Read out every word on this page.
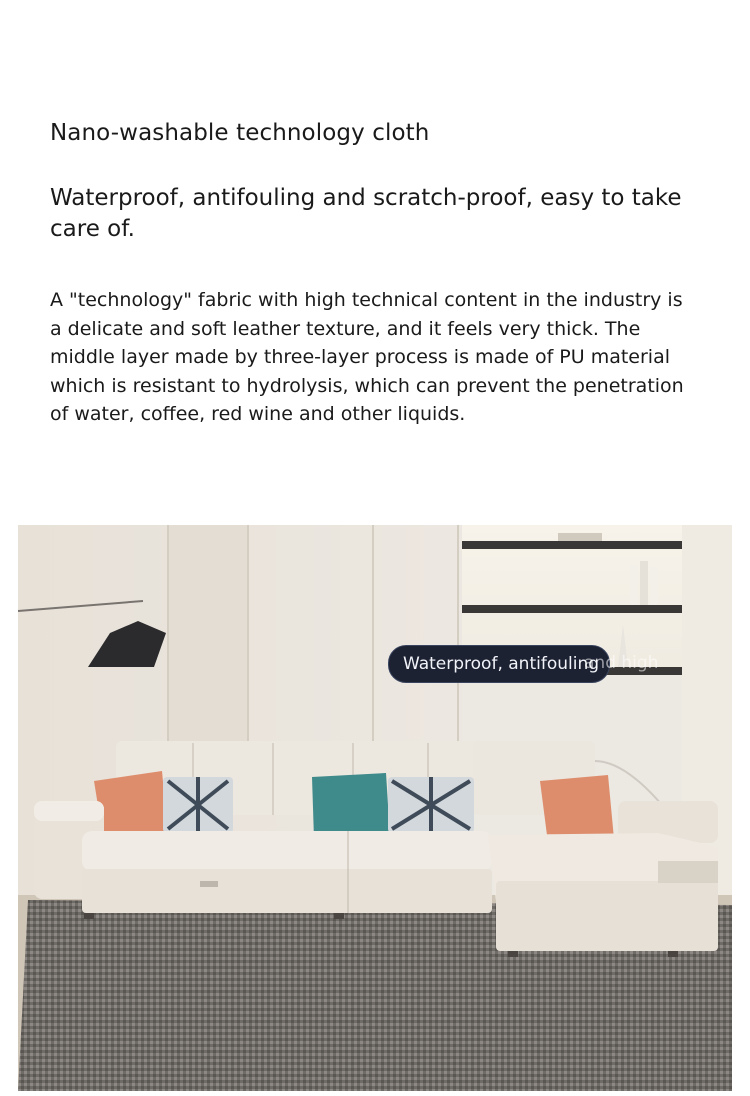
Nano-washable technology cloth
Waterproof, antifouling and scratch-proof, easy to take care of.

A "technology" fabric with high technical content in the industry is a delicate and soft leather texture, and it feels very thick. The middle layer made by three-layer process is made of PU material which is resistant to hydrolysis, which can prevent the penetration of water, coffee, red wine and other liquids.

Waterproof, antifouling
and high
